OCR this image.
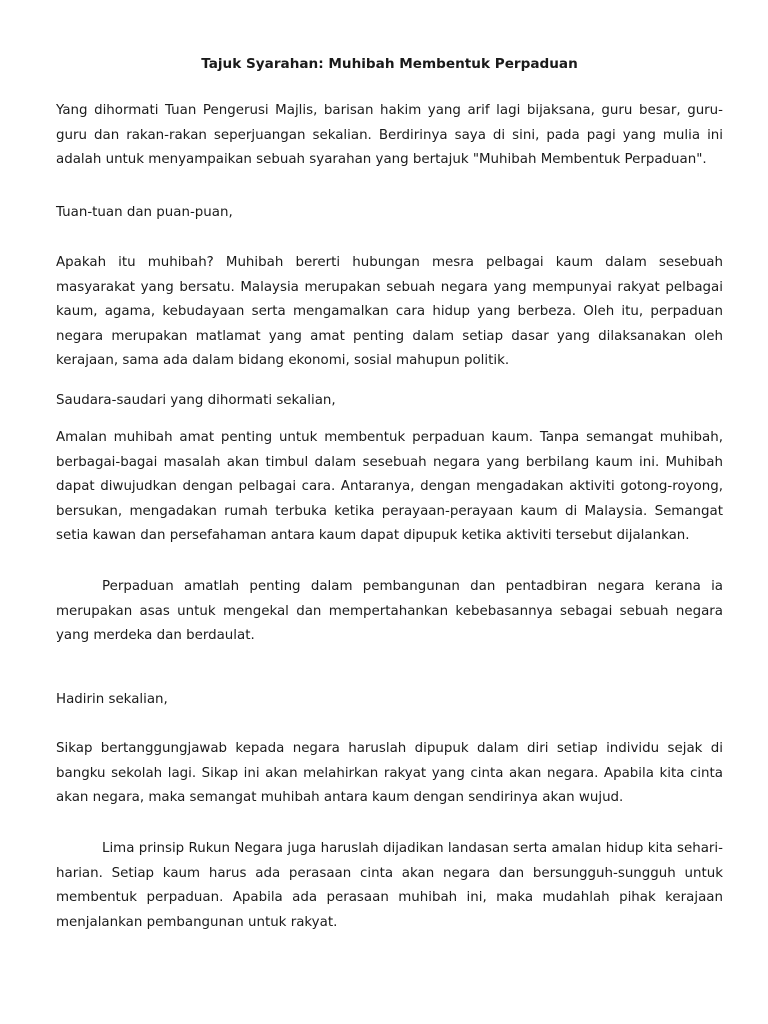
Tajuk Syarahan: Muhibah Membentuk Perpaduan

Yang dihormati Tuan Pengerusi Majlis, barisan hakim yang arif lagi bijaksana, guru besar, guru-guru dan rakan-rakan seperjuangan sekalian. Berdirinya saya di sini, pada pagi yang mulia ini adalah untuk menyampaikan sebuah syarahan yang bertajuk "Muhibah Membentuk Perpaduan".

Tuan-tuan dan puan-puan,

Apakah itu muhibah? Muhibah bererti hubungan mesra pelbagai kaum dalam sesebuah masyarakat yang bersatu. Malaysia merupakan sebuah negara yang mempunyai rakyat pelbagai kaum, agama, kebudayaan serta mengamalkan cara hidup yang berbeza. Oleh itu, perpaduan negara merupakan matlamat yang amat penting dalam setiap dasar yang dilaksanakan oleh kerajaan, sama ada dalam bidang ekonomi, sosial mahupun politik.

Saudara-saudari yang dihormati sekalian,

Amalan muhibah amat penting untuk membentuk perpaduan kaum. Tanpa semangat muhibah, berbagai-bagai masalah akan timbul dalam sesebuah negara yang berbilang kaum ini. Muhibah dapat diwujudkan dengan pelbagai cara. Antaranya, dengan mengadakan aktiviti gotong-royong, bersukan, mengadakan rumah terbuka ketika perayaan-perayaan kaum di Malaysia. Semangat setia kawan dan persefahaman antara kaum dapat dipupuk ketika aktiviti tersebut dijalankan.

Perpaduan amatlah penting dalam pembangunan dan pentadbiran negara kerana ia merupakan asas untuk mengekal dan mempertahankan kebebasannya sebagai sebuah negara yang merdeka dan berdaulat.

Hadirin sekalian,

Sikap bertanggungjawab kepada negara haruslah dipupuk dalam diri setiap individu sejak di bangku sekolah lagi. Sikap ini akan melahirkan rakyat yang cinta akan negara. Apabila kita cinta akan negara, maka semangat muhibah antara kaum dengan sendirinya akan wujud.

Lima prinsip Rukun Negara juga haruslah dijadikan landasan serta amalan hidup kita sehari-harian. Setiap kaum harus ada perasaan cinta akan negara dan bersungguh-sungguh untuk membentuk perpaduan. Apabila ada perasaan muhibah ini, maka mudahlah pihak kerajaan menjalankan pembangunan untuk rakyat.
